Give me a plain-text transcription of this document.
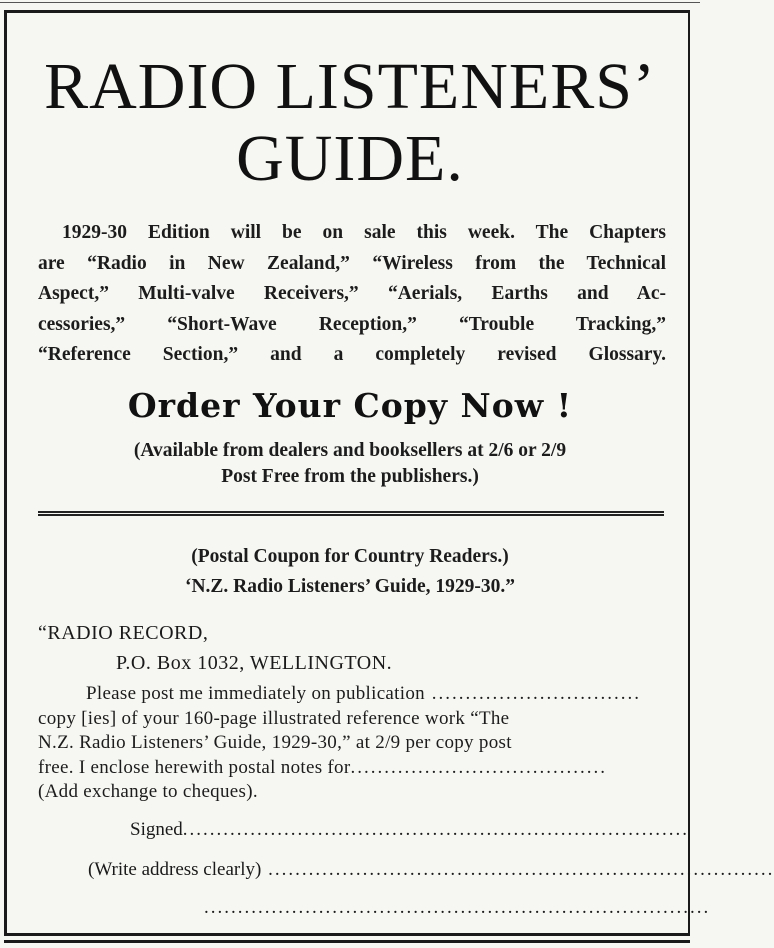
RADIO LISTENERS’
GUIDE.
1929-30 Edition will be on sale this week. The Chapters
are “Radio in New Zealand,” “Wireless from the Technical
Aspect,” Multi-valve Receivers,” “Aerials, Earths and Ac-
cessories,” “Short-Wave Reception,” “Trouble Tracking,”
“Reference Section,” and a completely revised Glossary.
Order Your Copy Now !
(Available from dealers and booksellers at 2/6 or 2/9
Post Free from the publishers.)
(Postal Coupon for Country Readers.)
‘N.Z. Radio Listeners’ Guide, 1929-30.”
“RADIO RECORD,
P.O. Box 1032, WELLINGTON.
Please post me immediately on publication ...............................
copy [ies] of your 160-page illustrated reference work “The
N.Z. Radio Listeners’ Guide, 1929-30,” at 2/9 per copy post
free. I enclose herewith postal notes for......................................
(Add exchange to cheques).
Signed...........................................................................
(Write address clearly) ...........................................................................
...........................................................................
